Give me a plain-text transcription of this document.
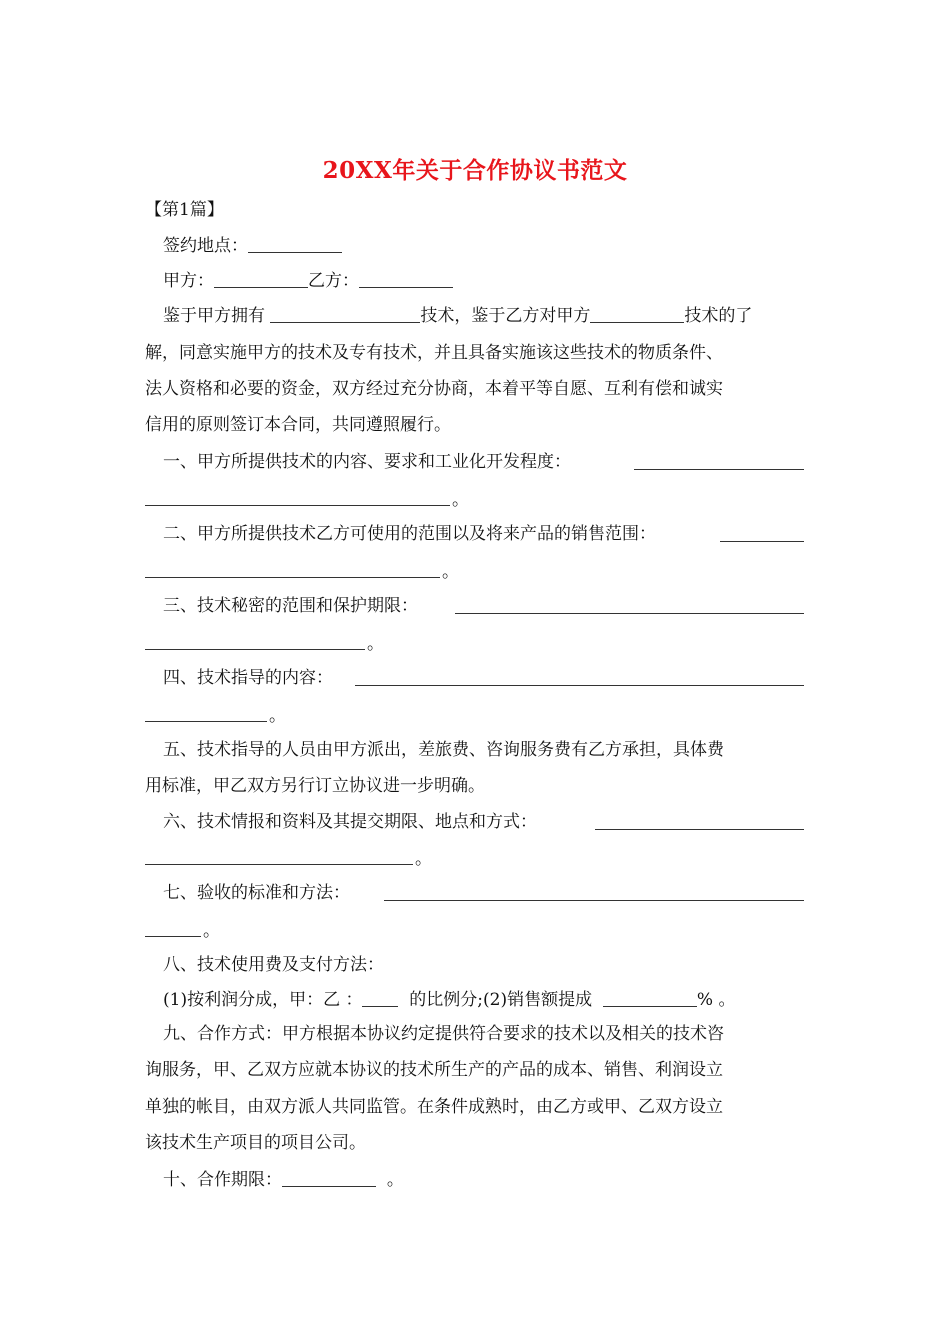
20XX年关于合作协议书范文
【第1篇】
签约地点：
甲方：	乙方：
鉴于甲方拥有	技术，鉴于乙方对甲方	技术的了
解，同意实施甲方的技术及专有技术，并且具备实施该这些技术的物质条件、
法人资格和必要的资金，双方经过充分协商，本着平等自愿、互利有偿和诚实
信用的原则签订本合同，共同遵照履行。
一、甲方所提供技术的内容、要求和工业化开发程度：
。
二、甲方所提供技术乙方可使用的范围以及将来产品的销售范围：
。
三、技术秘密的范围和保护期限：
。
四、技术指导的内容：
。
五、技术指导的人员由甲方派出，差旅费、咨询服务费有乙方承担，具体费
用标准，甲乙双方另行订立协议进一步明确。
六、技术情报和资料及其提交期限、地点和方式：
。
七、验收的标准和方法：
。
八、技术使用费及支付方法：
(1)按利润分成，甲：乙 ：	的比例分;(2)销售额提成	% 。
九、合作方式：甲方根据本协议约定提供符合要求的技术以及相关的技术咨
询服务，甲、乙双方应就本协议的技术所生产的产品的成本、销售、利润设立
单独的帐目，由双方派人共同监管。在条件成熟时，由乙方或甲、乙双方设立
该技术生产项目的项目公司。
十、合作期限：	。
